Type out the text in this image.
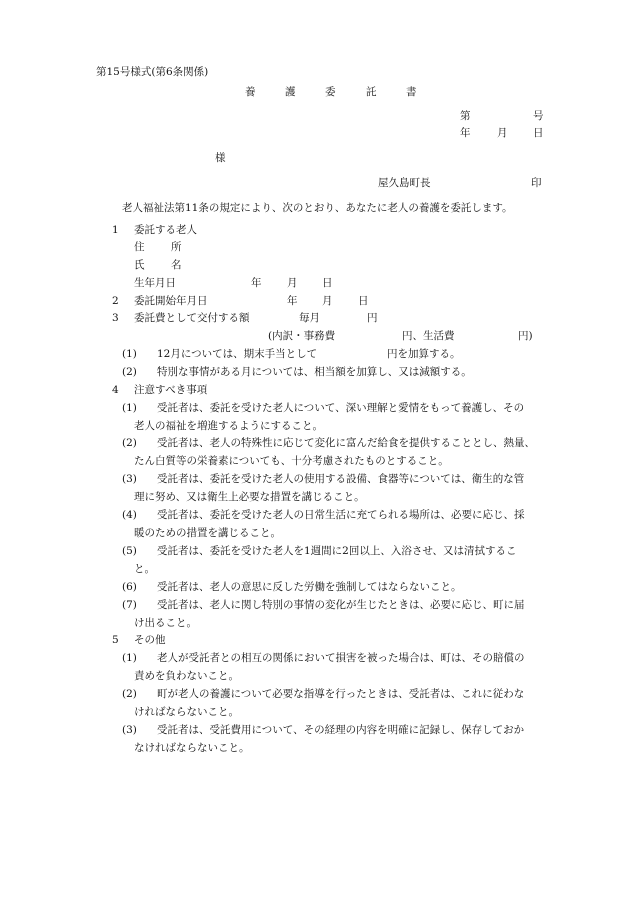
第15号様式(第6条関係)
養	護	委	託	書
第	号
年	月 日
様
屋久島町長	印
老人福祉法第11条の規定により、次のとおり、あなたに老人の養護を委託します。
1 委託する老人
住	所
氏	名
生年月日	年 月 日
2 委託開始年月日	年 月 日
3 委託費として交付する額	毎月	円
(内訳・事務費	円、生活費	円)
(1) 12月については、期末手当として	円を加算する。
(2) 特別な事情がある月については、相当額を加算し、又は減額する。
4 注意すべき事項
(1) 受託者は、委託を受けた老人について、深い理解と愛情をもって養護し、その
老人の福祉を増進するようにすること。
(2) 受託者は、老人の特殊性に応じて変化に富んだ給食を提供することとし、熱量、
たん白質等の栄養素についても、十分考慮されたものとすること。
(3) 受託者は、委託を受けた老人の使用する設備、食器等については、衛生的な管
理に努め、又は衛生上必要な措置を講じること。
(4) 受託者は、委託を受けた老人の日常生活に充てられる場所は、必要に応じ、採
暖のための措置を講じること。
(5) 受託者は、委託を受けた老人を1週間に2回以上、入浴させ、又は清拭するこ
と。
(6) 受託者は、老人の意思に反した労働を強制してはならないこと。
(7) 受託者は、老人に関し特別の事情の変化が生じたときは、必要に応じ、町に届
け出ること。
5 その他
(1) 老人が受託者との相互の関係において損害を被った場合は、町は、その賠償の
責めを負わないこと。
(2) 町が老人の養護について必要な指導を行ったときは、受託者は、これに従わな
ければならないこと。
(3) 受託者は、受託費用について、その経理の内容を明確に記録し、保存しておか
なければならないこと。
